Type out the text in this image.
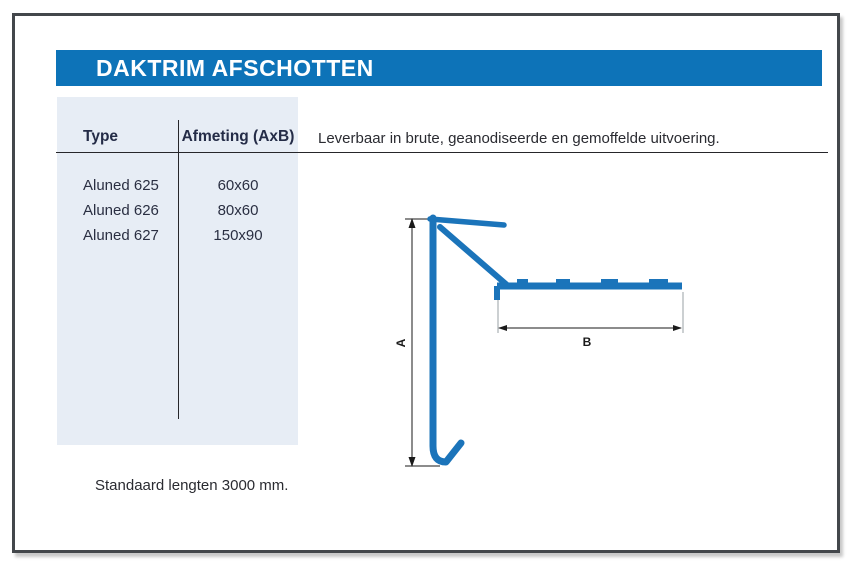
DAKTRIM AFSCHOTTEN
Type	Afmeting (AxB)
Aluned 625	60x60
Aluned 626	80x60
Aluned 627	150x90
Leverbaar in brute, geanodiseerde en gemoffelde uitvoering.
Standaard lengten 3000 mm.
A	B
